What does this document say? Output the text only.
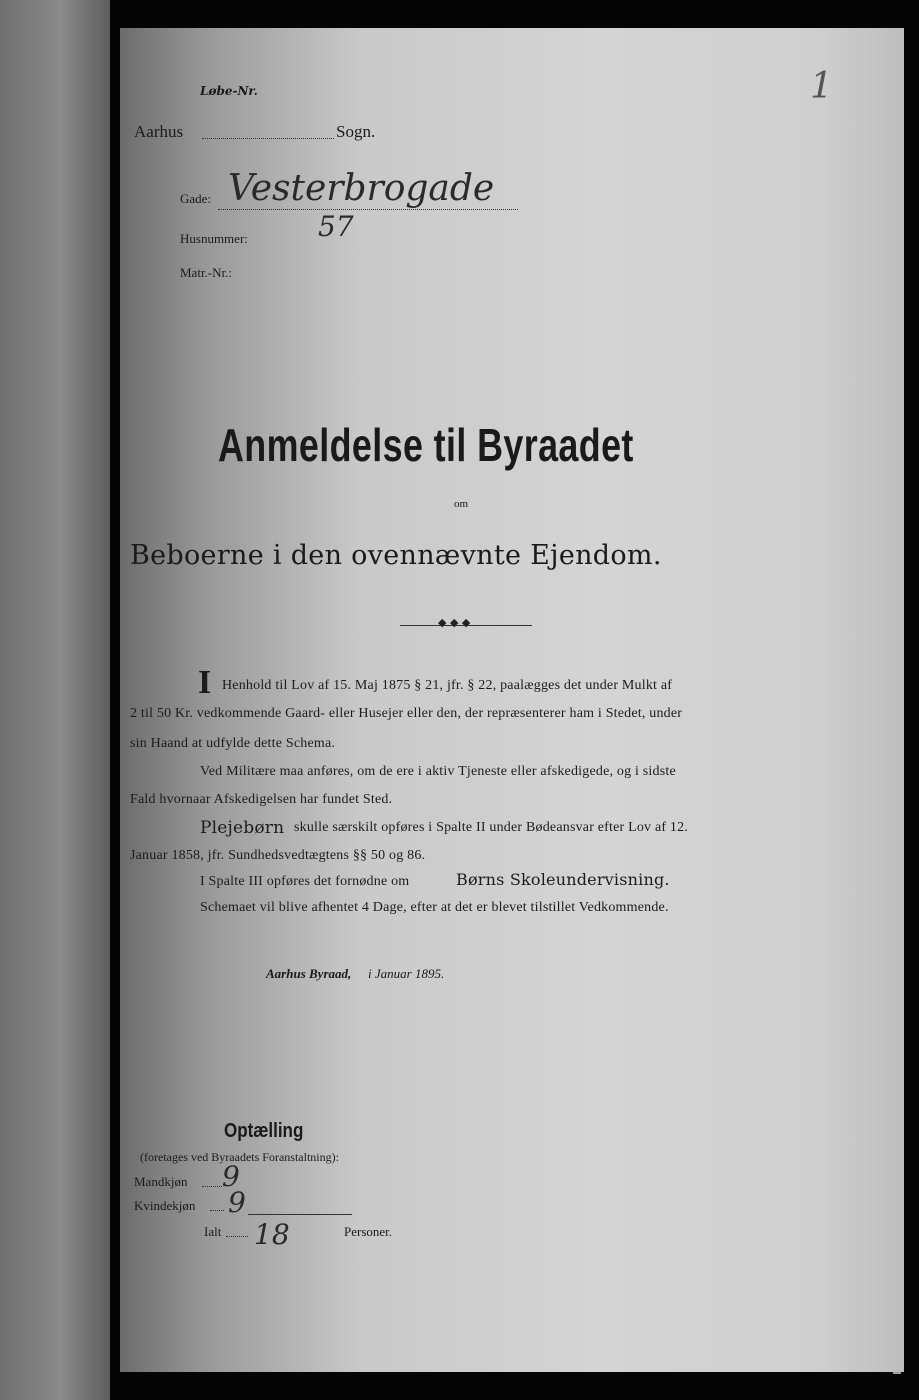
Løbe-Nr.	1
Aarhus	Sogn.
Gade: Vesterbrogade
Husnummer:	57
Matr.-Nr.:
Anmeldelse til Byraadet
om
Beboerne i den ovennævnte Ejendom.
◆ ◆ ◆
I Henhold til Lov af 15. Maj 1875 § 21, jfr. § 22, paalægges det under Mulkt af
2 til 50 Kr. vedkommende Gaard- eller Husejer eller den, der repræsenterer ham i Stedet, under
sin Haand at udfylde dette Schema.
Ved Militære maa anføres, om de ere i aktiv Tjeneste eller afskedigede, og i sidste
Fald hvornaar Afskedigelsen har fundet Sted.
Plejebørn skulle særskilt opføres i Spalte II under Bødeansvar efter Lov af 12.
Januar 1858, jfr. Sundhedsvedtægtens §§ 50 og 86.
I Spalte III opføres det fornødne om	Børns Skoleundervisning.
Schemaet vil blive afhentet 4 Dage, efter at det er blevet tilstillet Vedkommende.
Aarhus Byraad, i Januar 1895.
Optælling
(foretages ved Byraadets Foranstaltning):
Mandkjøn 9
Kvindekjøn 9
Ialt 18	Personer.
